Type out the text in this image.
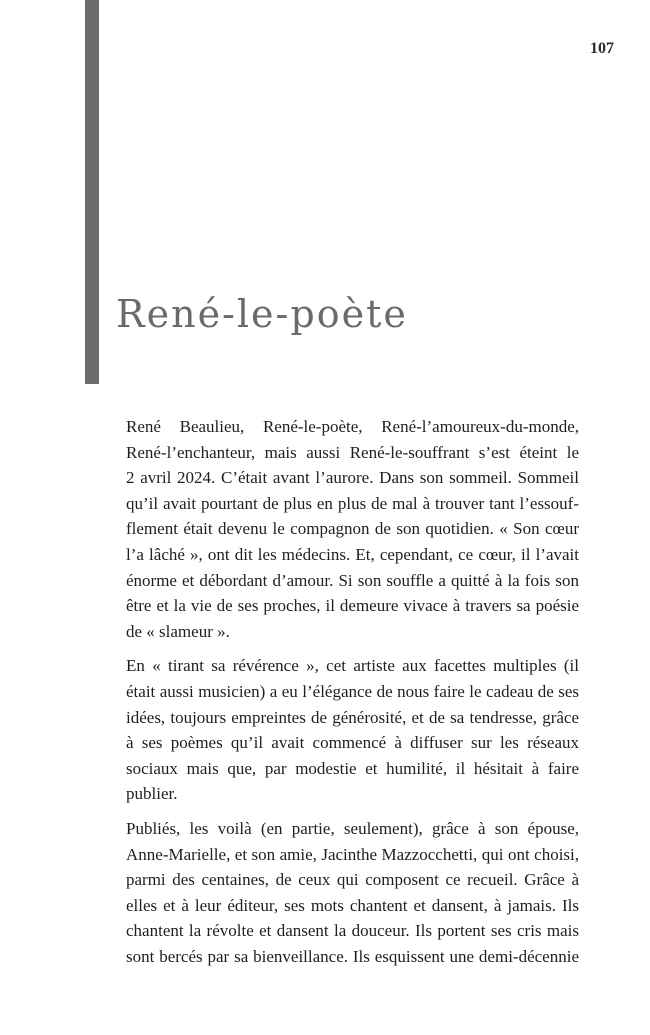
107
René-le-poète

René Beaulieu, René-le-poète, René-l’amoureux-du-monde,
René-l’enchanteur, mais aussi René-le-souffrant s’est éteint le
2 avril 2024. C’était avant l’aurore. Dans son sommeil. Sommeil
qu’il avait pourtant de plus en plus de mal à trouver tant l’essouf-
flement était devenu le compagnon de son quotidien. « Son cœur
l’a lâché », ont dit les médecins. Et, cependant, ce cœur, il l’avait
énorme et débordant d’amour. Si son souffle a quitté à la fois son
être et la vie de ses proches, il demeure vivace à travers sa poésie
de « slameur ».

En « tirant sa révérence », cet artiste aux facettes multiples (il
était aussi musicien) a eu l’élégance de nous faire le cadeau de ses
idées, toujours empreintes de générosité, et de sa tendresse, grâce
à ses poèmes qu’il avait commencé à diffuser sur les réseaux
sociaux mais que, par modestie et humilité, il hésitait à faire
publier.

Publiés, les voilà (en partie, seulement), grâce à son épouse,
Anne-Marielle, et son amie, Jacinthe Mazzocchetti, qui ont choisi,
parmi des centaines, de ceux qui composent ce recueil. Grâce à
elles et à leur éditeur, ses mots chantent et dansent, à jamais. Ils
chantent la révolte et dansent la douceur. Ils portent ses cris mais
sont bercés par sa bienveillance. Ils esquissent une demi-décennie
